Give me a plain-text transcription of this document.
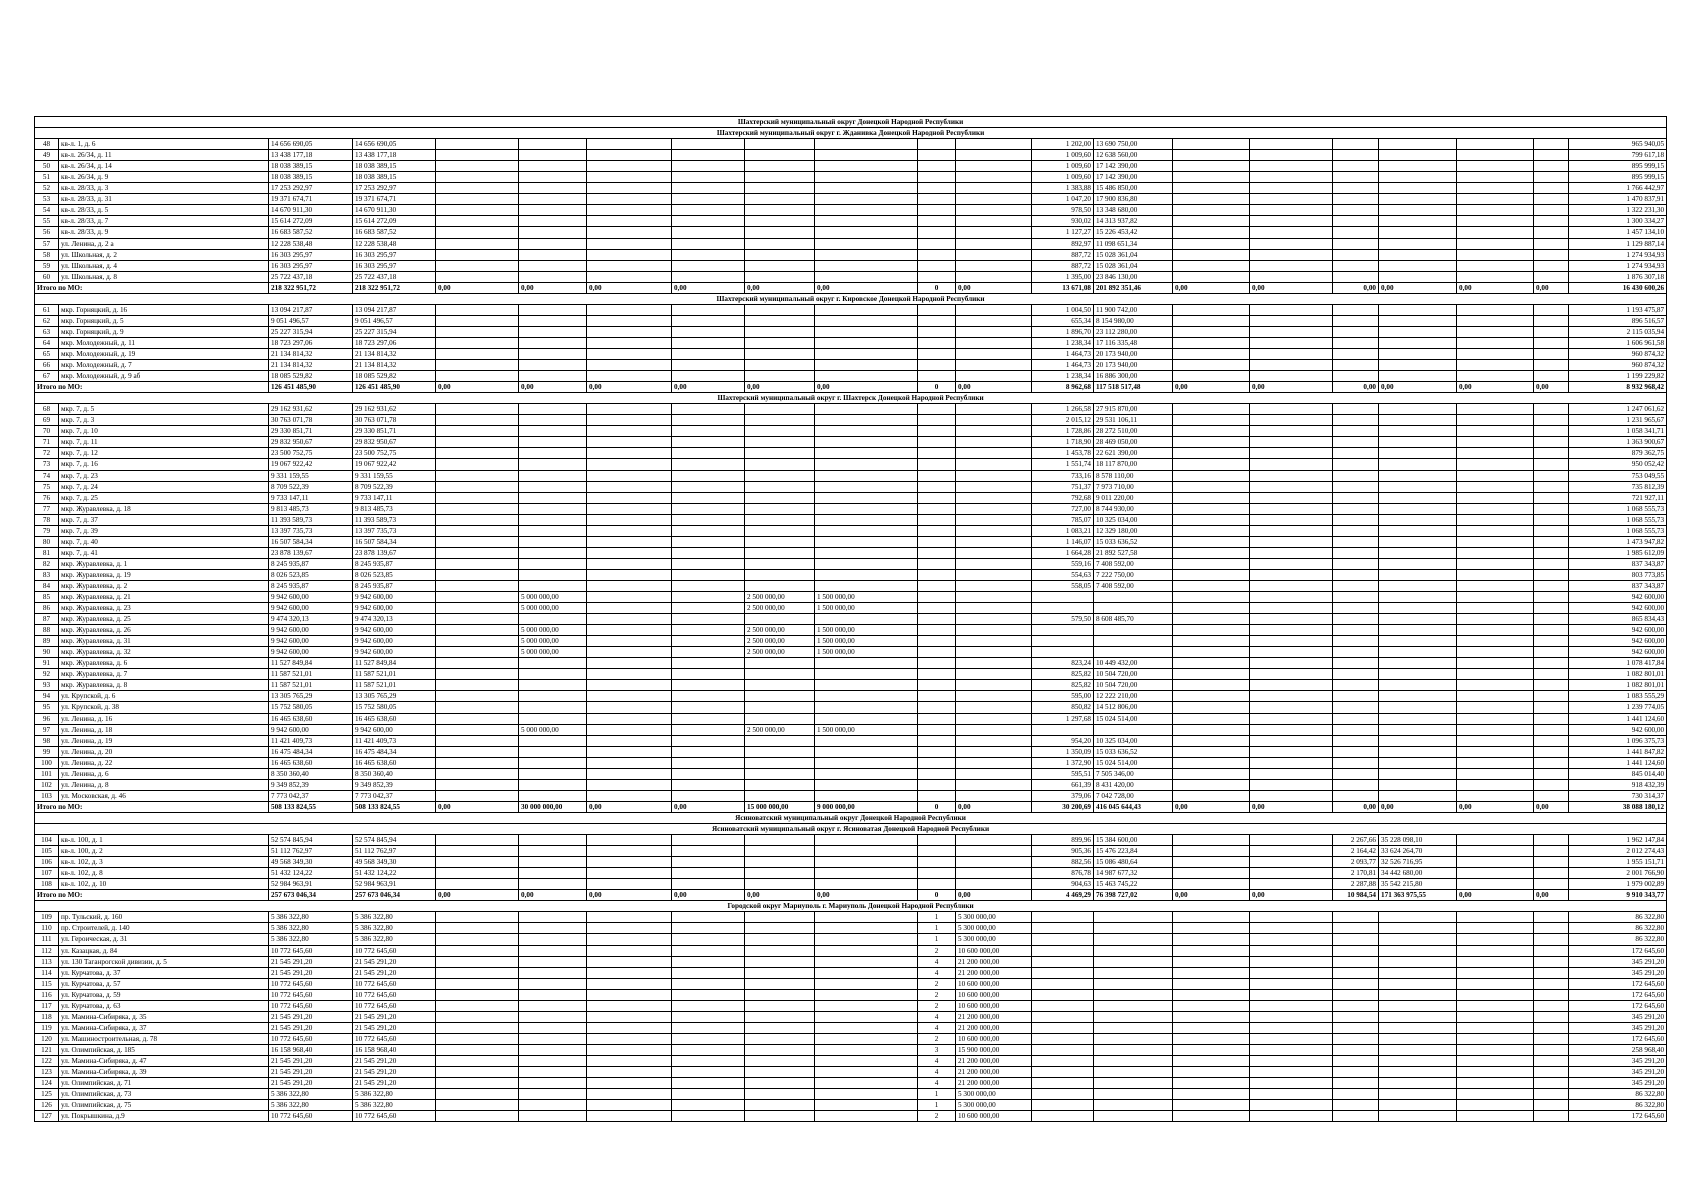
Шахтерский муниципальный округ Донецкой Народной Республики																				
Шахтерский муниципальный округ г. Жданивка Донецкой Народной Республики																				
48	кв-л. 1, д. 6	14 656 690,05	14 656 690,05									1 202,00	13 690 750,00							965 940,05
49	кв-л. 26/34, д. 11	13 438 177,18	13 438 177,18									1 009,60	12 638 560,00							799 617,18
50	кв-л. 26/34, д. 14	18 038 389,15	18 038 389,15									1 009,60	17 142 390,00							895 999,15
51	кв-л. 26/34, д. 9	18 038 389,15	18 038 389,15									1 009,60	17 142 390,00							895 999,15
52	кв-л. 28/33, д. 3	17 253 292,97	17 253 292,97									1 383,88	15 486 850,00							1 766 442,97
53	кв-л. 28/33, д. 31	19 371 674,71	19 371 674,71									1 047,20	17 900 836,80							1 470 837,91
54	кв-л. 28/33, д. 5	14 670 911,30	14 670 911,30									978,50	13 348 680,00							1 322 231,30
55	кв-л. 28/33, д. 7	15 614 272,09	15 614 272,09									930,02	14 313 937,82							1 300 334,27
56	кв-л. 28/33, д. 9	16 683 587,52	16 683 587,52									1 127,27	15 226 453,42							1 457 134,10
57	ул. Ленина, д. 2 а	12 228 538,48	12 228 538,48									892,97	11 098 651,34							1 129 887,14
58	ул. Школьная, д. 2	16 303 295,97	16 303 295,97									887,72	15 028 361,04							1 274 934,93
59	ул. Школьная, д. 4	16 303 295,97	16 303 295,97									887,72	15 028 361,04							1 274 934,93
60	ул. Школьная, д. 8	25 722 437,18	25 722 437,18									1 395,00	23 846 130,00							1 876 307,18
Итого по МО:		218 322 951,72	218 322 951,72	0,00	0,00	0,00	0,00	0,00	0,00	0	0,00	13 671,08	201 892 351,46	0,00	0,00	0,00	0,00	0,00	0,00	16 430 600,26
Шахтерский муниципальный округ г. Кировское Донецкой Народной Республики																				
61	мкр. Горняцкий, д. 16	13 094 217,87	13 094 217,87									1 004,50	11 900 742,00							1 193 475,87
62	мкр. Горняцкий, д. 5	9 051 496,57	9 051 496,57									655,34	8 154 980,00							896 516,57
63	мкр. Горняцкий, д. 9	25 227 315,94	25 227 315,94									1 896,70	23 112 280,00							2 115 035,94
64	мкр. Молодежный, д. 11	18 723 297,06	18 723 297,06									1 238,34	17 116 335,48							1 606 961,58
65	мкр. Молодежный, д. 19	21 134 814,32	21 134 814,32									1 464,73	20 173 940,00							960 874,32
66	мкр. Молодежный, д. 7	21 134 814,32	21 134 814,32									1 464,73	20 173 940,00							960 874,32
67	мкр. Молодежный, д. 9 аб	18 085 529,82	18 085 529,82									1 238,34	16 886 300,00							1 199 229,82
Итого по МО:		126 451 485,90	126 451 485,90	0,00	0,00	0,00	0,00	0,00	0,00	0	0,00	8 962,68	117 518 517,48	0,00	0,00	0,00	0,00	0,00	0,00	8 932 968,42
Шахтерский муниципальный округ г. Шахтерск Донецкой Народной Республики																				
68	мкр. 7, д. 5	29 162 931,62	29 162 931,62									1 266,58	27 915 870,00							1 247 061,62
69	мкр. 7, д. 3	30 763 071,78	30 763 071,78									2 015,12	29 531 106,11							1 231 965,67
70	мкр. 7, д. 10	29 330 851,71	29 330 851,71									1 728,86	28 272 510,00							1 058 341,71
71	мкр. 7, д. 11	29 832 950,67	29 832 950,67									1 718,90	28 469 050,00							1 363 900,67
72	мкр. 7, д. 12	23 500 752,75	23 500 752,75									1 453,78	22 621 390,00							879 362,75
73	мкр. 7, д. 16	19 067 922,42	19 067 922,42									1 551,74	18 117 870,00							950 052,42
74	мкр. 7, д. 23	9 331 159,55	9 331 159,55									733,16	8 578 110,00							753 049,55
75	мкр. 7, д. 24	8 709 522,39	8 709 522,39									751,37	7 973 710,00							735 812,39
76	мкр. 7, д. 25	9 733 147,11	9 733 147,11									792,68	9 011 220,00							721 927,11
77	мкр. Журавлевка, д. 18	9 813 485,73	9 813 485,73									727,00	8 744 930,00							1 068 555,73
78	мкр. 7, д. 37	11 393 589,73	11 393 589,73									785,07	10 325 034,00							1 068 555,73
79	мкр. 7, д. 39	13 397 735,73	13 397 735,73									1 083,21	12 329 180,00							1 068 555,73
80	мкр. 7, д. 40	16 507 584,34	16 507 584,34									1 146,07	15 033 636,52							1 473 947,82
81	мкр. 7, д. 41	23 878 139,67	23 878 139,67									1 664,28	21 892 527,58							1 985 612,09
82	мкр. Журавлевка, д. 1	8 245 935,87	8 245 935,87									559,16	7 408 592,00							837 343,87
83	мкр. Журавлевка, д. 19	8 026 523,85	8 026 523,85									554,63	7 222 750,00							803 773,85
84	мкр. Журавлевка, д. 2	8 245 935,87	8 245 935,87									558,05	7 408 592,00							837 343,87
85	мкр. Журавлевка, д. 21	9 942 600,00	9 942 600,00		5 000 000,00			2 500 000,00	1 500 000,00											942 600,00
86	мкр. Журавлевка, д. 23	9 942 600,00	9 942 600,00		5 000 000,00			2 500 000,00	1 500 000,00											942 600,00
87	мкр. Журавлевка, д. 25	9 474 320,13	9 474 320,13									579,50	8 608 485,70							865 834,43
88	мкр. Журавлевка, д. 26	9 942 600,00	9 942 600,00		5 000 000,00			2 500 000,00	1 500 000,00											942 600,00
89	мкр. Журавлевка, д. 31	9 942 600,00	9 942 600,00		5 000 000,00			2 500 000,00	1 500 000,00											942 600,00
90	мкр. Журавлевка, д. 32	9 942 600,00	9 942 600,00		5 000 000,00			2 500 000,00	1 500 000,00											942 600,00
91	мкр. Журавлевка, д. 6	11 527 849,84	11 527 849,84									823,24	10 449 432,00							1 078 417,84
92	мкр. Журавлевка, д. 7	11 587 521,01	11 587 521,01									825,82	10 504 720,00							1 082 801,01
93	мкр. Журавлевка, д. 8	11 587 521,01	11 587 521,01									825,82	10 504 720,00							1 082 801,01
94	ул. Крупской, д. 6	13 305 765,29	13 305 765,29									595,00	12 222 210,00							1 083 555,29
95	ул. Крупской, д. 38	15 752 580,05	15 752 580,05									850,82	14 512 806,00							1 239 774,05
96	ул. Ленина, д. 16	16 465 638,60	16 465 638,60									1 297,68	15 024 514,00							1 441 124,60
97	ул. Ленина, д. 18	9 942 600,00	9 942 600,00		5 000 000,00			2 500 000,00	1 500 000,00											942 600,00
98	ул. Ленина, д. 19	11 421 409,73	11 421 409,73									954,20	10 325 034,00							1 096 375,73
99	ул. Ленина, д. 20	16 475 484,34	16 475 484,34									1 350,09	15 033 636,52							1 441 847,82
100	ул. Ленина, д. 22	16 465 638,60	16 465 638,60									1 372,90	15 024 514,00							1 441 124,60
101	ул. Ленина, д. 6	8 350 360,40	8 350 360,40									595,51	7 505 346,00							845 014,40
102	ул. Ленина, д. 8	9 349 852,39	9 349 852,39									661,39	8 431 420,00							918 432,39
103	ул. Московская, д. 46	7 773 042,37	7 773 042,37									379,06	7 042 728,00							730 314,37
Итого по МО:		508 133 824,55	508 133 824,55	0,00	30 000 000,00	0,00	0,00	15 000 000,00	9 000 000,00	0	0,00	30 200,69	416 045 644,43	0,00	0,00	0,00	0,00	0,00	0,00	38 088 180,12
Ясиноватский муниципальный округ Донецкой Народной Республики																				
Ясиноватский муниципальный округ г. Ясиноватая Донецкой Народной Республики																				
104	кв-л. 100, д. 1	52 574 845,94	52 574 845,94									899,96	15 384 600,00			2 267,66	35 228 098,10			1 962 147,84
105	кв-л. 100, д. 2	51 112 762,97	51 112 762,97									905,36	15 476 223,84			2 164,42	33 624 264,70			2 012 274,43
106	кв-л. 102, д. 3	49 568 349,30	49 568 349,30									882,56	15 086 480,64			2 093,77	32 526 716,95			1 955 151,71
107	кв-л. 102, д. 8	51 432 124,22	51 432 124,22									876,78	14 987 677,32			2 170,81	34 442 680,00			2 001 766,90
108	кв-л. 102, д. 10	52 984 963,91	52 984 963,91									904,63	15 463 745,22			2 287,88	35 542 215,80			1 979 002,89
Итого по МО:		257 673 046,34	257 673 046,34	0,00	0,00	0,00	0,00	0,00	0,00	0	0,00	4 469,29	76 398 727,02	0,00	0,00	10 984,54	171 363 975,55	0,00	0,00	9 910 343,77
Городской округ Мариуполь г. Мариуполь Донецкой Народной Республики																				
109	пр. Тульский, д. 160	5 386 322,80	5 386 322,80							1	5 300 000,00									86 322,80
110	пр. Строителей, д. 140	5 386 322,80	5 386 322,80							1	5 300 000,00									86 322,80
111	ул. Героическая, д. 31	5 386 322,80	5 386 322,80							1	5 300 000,00									86 322,80
112	ул. Казацкая, д. 84	10 772 645,60	10 772 645,60							2	10 600 000,00									172 645,60
113	ул. 130 Таганрогской дивизии, д. 5	21 545 291,20	21 545 291,20							4	21 200 000,00									345 291,20
114	ул. Курчатова, д. 37	21 545 291,20	21 545 291,20							4	21 200 000,00									345 291,20
115	ул. Курчатова, д. 57	10 772 645,60	10 772 645,60							2	10 600 000,00									172 645,60
116	ул. Курчатова, д. 59	10 772 645,60	10 772 645,60							2	10 600 000,00									172 645,60
117	ул. Курчатова, д. 63	10 772 645,60	10 772 645,60							2	10 600 000,00									172 645,60
118	ул. Мамина-Сибиряка, д. 35	21 545 291,20	21 545 291,20							4	21 200 000,00									345 291,20
119	ул. Мамина-Сибиряка, д. 37	21 545 291,20	21 545 291,20							4	21 200 000,00									345 291,20
120	ул. Машиностроительная, д. 78	10 772 645,60	10 772 645,60							2	10 600 000,00									172 645,60
121	ул. Олимпийская, д. 185	16 158 968,40	16 158 968,40							3	15 900 000,00									258 968,40
122	ул. Мамина-Сибиряка, д. 47	21 545 291,20	21 545 291,20							4	21 200 000,00									345 291,20
123	ул. Мамина-Сибиряка, д. 39	21 545 291,20	21 545 291,20							4	21 200 000,00									345 291,20
124	ул. Олимпийская, д. 71	21 545 291,20	21 545 291,20							4	21 200 000,00									345 291,20
125	ул. Олимпийская, д. 73	5 386 322,80	5 386 322,80							1	5 300 000,00									86 322,80
126	ул. Олимпийская, д. 75	5 386 322,80	5 386 322,80							1	5 300 000,00									86 322,80
127	ул. Покрышкина, д.9	10 772 645,60	10 772 645,60							2	10 600 000,00									172 645,60
